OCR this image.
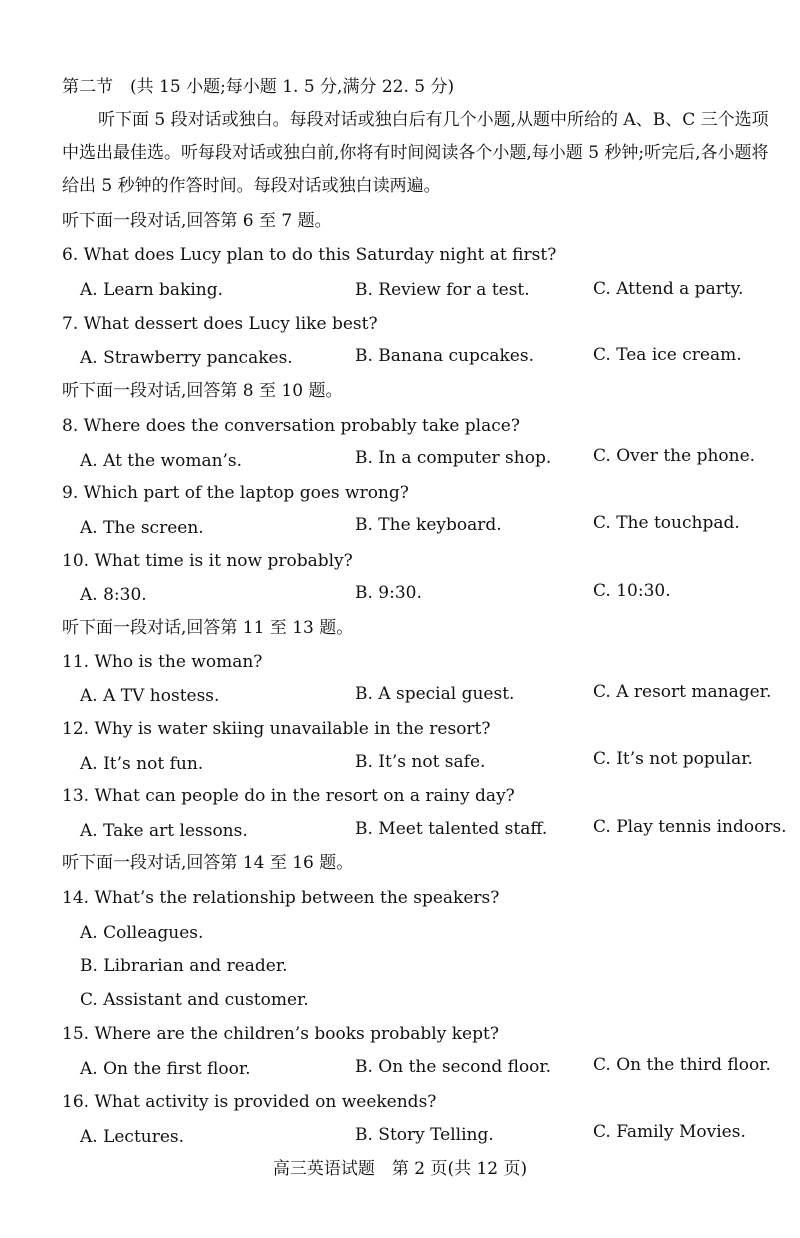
第二节　(共 15 小题;每小题 1. 5 分,满分 22. 5 分)
听下面 5 段对话或独白。每段对话或独白后有几个小题,从题中所给的 A、B、C 三个选项中选出最佳选。听每段对话或独白前,你将有时间阅读各个小题,每小题 5 秒钟;听完后,各小题将给出 5 秒钟的作答时间。每段对话或独白读两遍。
听下面一段对话,回答第 6 至 7 题。
6. What does Lucy plan to do this Saturday night at first?
A. Learn baking.	B. Review for a test.	C. Attend a party.
7. What dessert does Lucy like best?
A. Strawberry pancakes.	B. Banana cupcakes.	C. Tea ice cream.
听下面一段对话,回答第 8 至 10 题。
8. Where does the conversation probably take place?
A. At the woman’s.	B. In a computer shop. C. Over the phone.
9. Which part of the laptop goes wrong?
A. The screen.	B. The keyboard.	C. The touchpad.
10. What time is it now probably?
A. 8:30.	B. 9:30.	C. 10:30.
听下面一段对话,回答第 11 至 13 题。
11. Who is the woman?
A. A TV hostess.	B. A special guest.	C. A resort manager.
12. Why is water skiing unavailable in the resort?
A. It’s not fun.	B. It’s not safe.	C. It’s not popular.
13. What can people do in the resort on a rainy day?
A. Take art lessons.	B. Meet talented staff.	C. Play tennis indoors.
听下面一段对话,回答第 14 至 16 题。
14. What’s the relationship between the speakers?
A. Colleagues.
B. Librarian and reader.
C. Assistant and customer.
15. Where are the children’s books probably kept?
A. On the first floor.	B. On the second floor. C. On the third floor.
16. What activity is provided on weekends?
A. Lectures.	B. Story Telling.	C. Family Movies.
高三英语试题　第 2 页(共 12 页)
